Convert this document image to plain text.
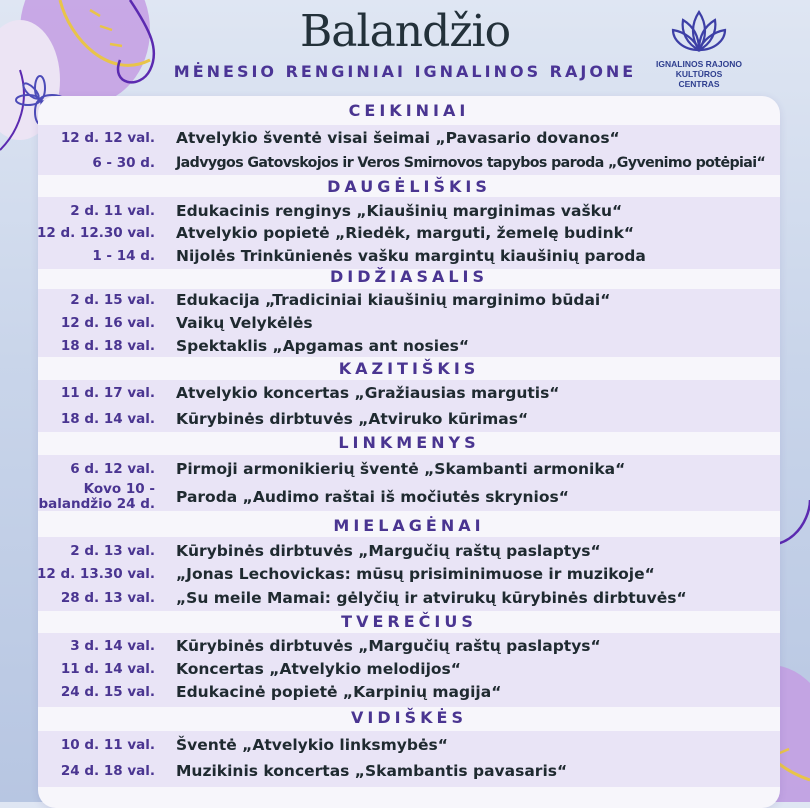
Balandžio
MĖNESIO RENGINIAI IGNALINOS RAJONE	IGNALINOS RAJONO
KULTŪROS CENTRAS
CEIKINIAI
12 d. 12 val. Atvelykio šventė visai šeimai „Pavasario dovanos“
6 - 30 d. Jadvygos Gatovskojos ir Veros Smirnovos tapybos paroda „Gyvenimo potėpiai“
DAUGĖLIŠKIS
2 d. 11 val. Edukacinis renginys „Kiaušinių marginimas vašku“
12 d. 12.30 val. Atvelykio popietė „Riedėk, marguti, žemelę budink“
1 - 14 d. Nijolės Trinkūnienės vašku margintų kiaušinių paroda
DIDŽIASALIS
2 d. 15 val. Edukacija „Tradiciniai kiaušinių marginimo būdai“
12 d. 16 val. Vaikų Velykėlės
18 d. 18 val. Spektaklis „Apgamas ant nosies“
KAZITIŠKIS
11 d. 17 val. Atvelykio koncertas „Gražiausias margutis“
18 d. 14 val. Kūrybinės dirbtuvės „Atviruko kūrimas“
LINKMENYS
6 d. 12 val. Pirmoji armonikierių šventė „Skambanti armonika“
Kovo 10 -
balandžio 24 d. Paroda „Audimo raštai iš močiutės skrynios“
MIELAGĖNAI
2 d. 13 val. Kūrybinės dirbtuvės „Margučių raštų paslaptys“
12 d. 13.30 val. „Jonas Lechovickas: mūsų prisiminimuose ir muzikoje“
28 d. 13 val. „Su meile Mamai: gėlyčių ir atvirukų kūrybinės dirbtuvės“
TVEREČIUS
3 d. 14 val. Kūrybinės dirbtuvės „Margučių raštų paslaptys“
11 d. 14 val. Koncertas „Atvelykio melodijos“
24 d. 15 val. Edukacinė popietė „Karpinių magija“
VIDIŠKĖS
10 d. 11 val. Šventė „Atvelykio linksmybės“
24 d. 18 val. Muzikinis koncertas „Skambantis pavasaris“
